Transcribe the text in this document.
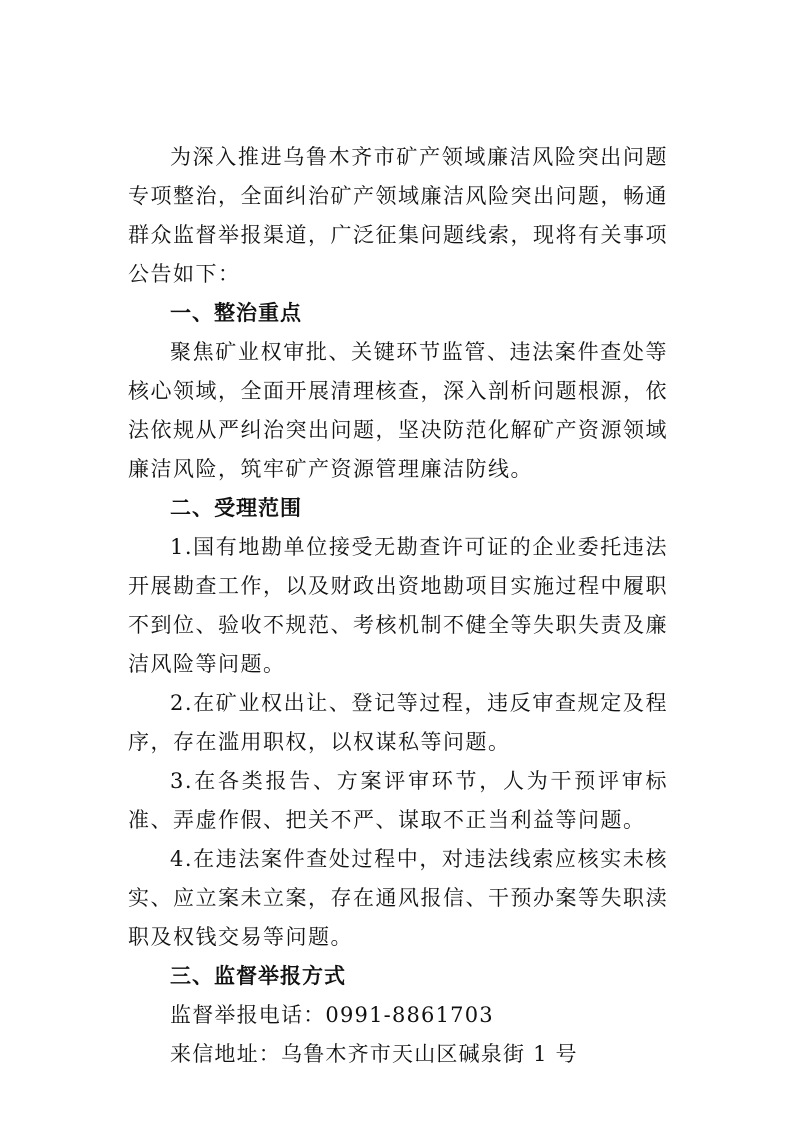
为深入推进乌鲁木齐市矿产领域廉洁风险突出问题专项整治，全面纠治矿产领域廉洁风险突出问题，畅通群众监督举报渠道，广泛征集问题线索，现将有关事项公告如下：

一、整治重点

聚焦矿业权审批、关键环节监管、违法案件查处等核心领域，全面开展清理核查，深入剖析问题根源，依法依规从严纠治突出问题，坚决防范化解矿产资源领域廉洁风险，筑牢矿产资源管理廉洁防线。

二、受理范围

1.国有地勘单位接受无勘查许可证的企业委托违法开展勘查工作，以及财政出资地勘项目实施过程中履职不到位、验收不规范、考核机制不健全等失职失责及廉洁风险等问题。

2.在矿业权出让、登记等过程，违反审查规定及程序，存在滥用职权，以权谋私等问题。

3.在各类报告、方案评审环节，人为干预评审标准、弄虚作假、把关不严、谋取不正当利益等问题。

4.在违法案件查处过程中，对违法线索应核实未核实、应立案未立案，存在通风报信、干预办案等失职渎职及权钱交易等问题。

三、监督举报方式

监督举报电话：0991-8861703

来信地址：乌鲁木齐市天山区碱泉街 1 号
